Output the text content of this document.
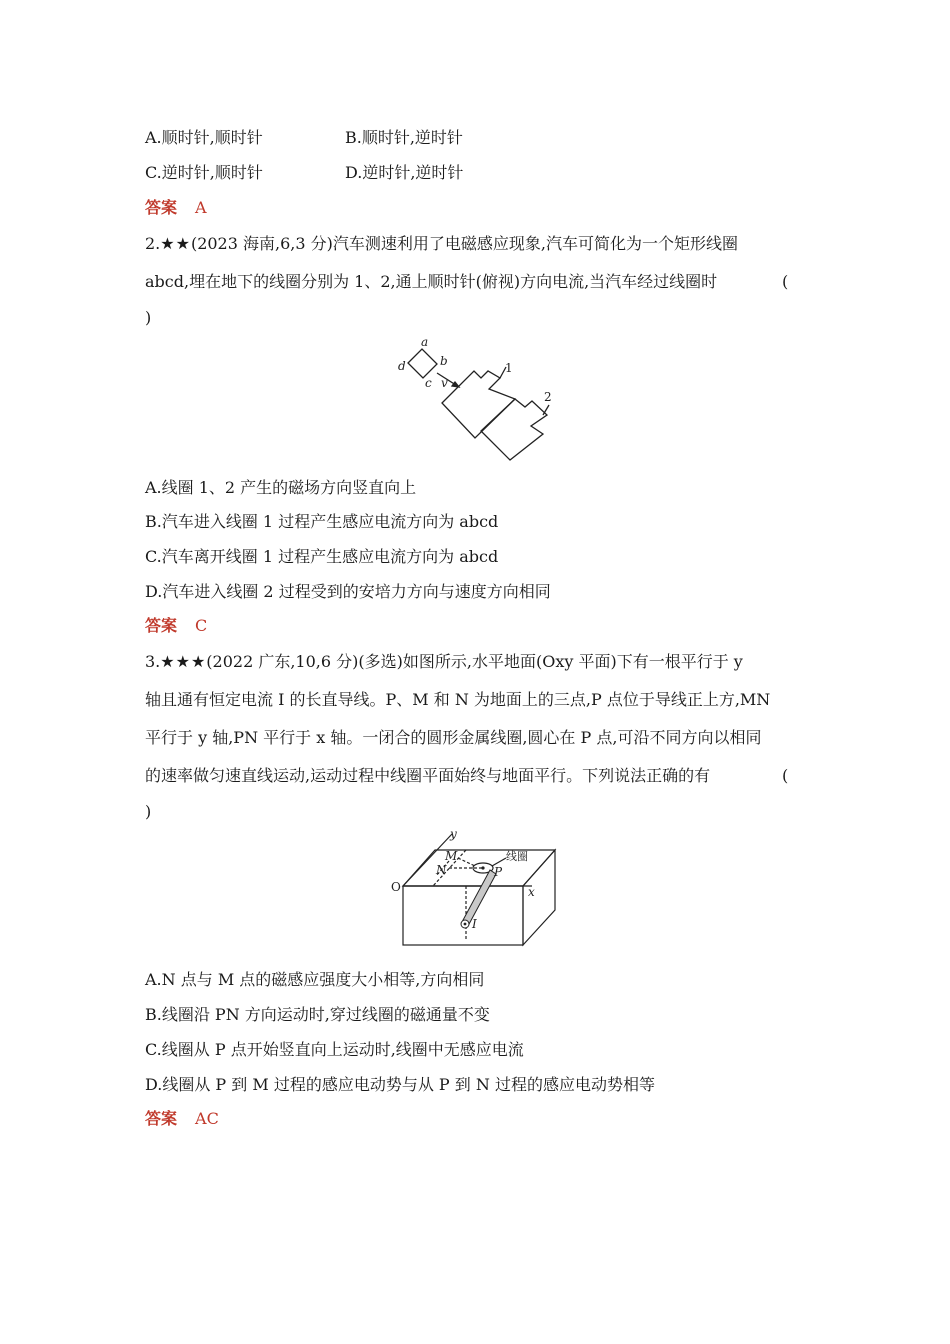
A.顺时针,顺时针	B.顺时针,逆时针
C.逆时针,顺时针	D.逆时针,逆时针
答案 A
2.★★(2023 海南,6,3 分)汽车测速利用了电磁感应现象,汽车可简化为一个矩形线圈
abcd,埋在地下的线圈分别为 1、2,通上顺时针(俯视)方向电流,当汽车经过线圈时	(
)
a
b
c
d
v
1
2
A.线圈 1、2 产生的磁场方向竖直向上
B.汽车进入线圈 1 过程产生感应电流方向为 abcd
C.汽车离开线圈 1 过程产生感应电流方向为 abcd
D.汽车进入线圈 2 过程受到的安培力方向与速度方向相同
答案 C
3.★★★(2022 广东,10,6 分)(多选)如图所示,水平地面(Oxy 平面)下有一根平行于 y
轴且通有恒定电流 I 的长直导线。P、M 和 N 为地面上的三点,P 点位于导线正上方,MN
平行于 y 轴,PN 平行于 x 轴。一闭合的圆形金属线圈,圆心在 P 点,可沿不同方向以相同
的速率做匀速直线运动,运动过程中线圈平面始终与地面平行。下列说法正确的有	(
)
y
x
O
M
N	P
I
线圈
A.N 点与 M 点的磁感应强度大小相等,方向相同
B.线圈沿 PN 方向运动时,穿过线圈的磁通量不变
C.线圈从 P 点开始竖直向上运动时,线圈中无感应电流
D.线圈从 P 到 M 过程的感应电动势与从 P 到 N 过程的感应电动势相等
答案 AC
